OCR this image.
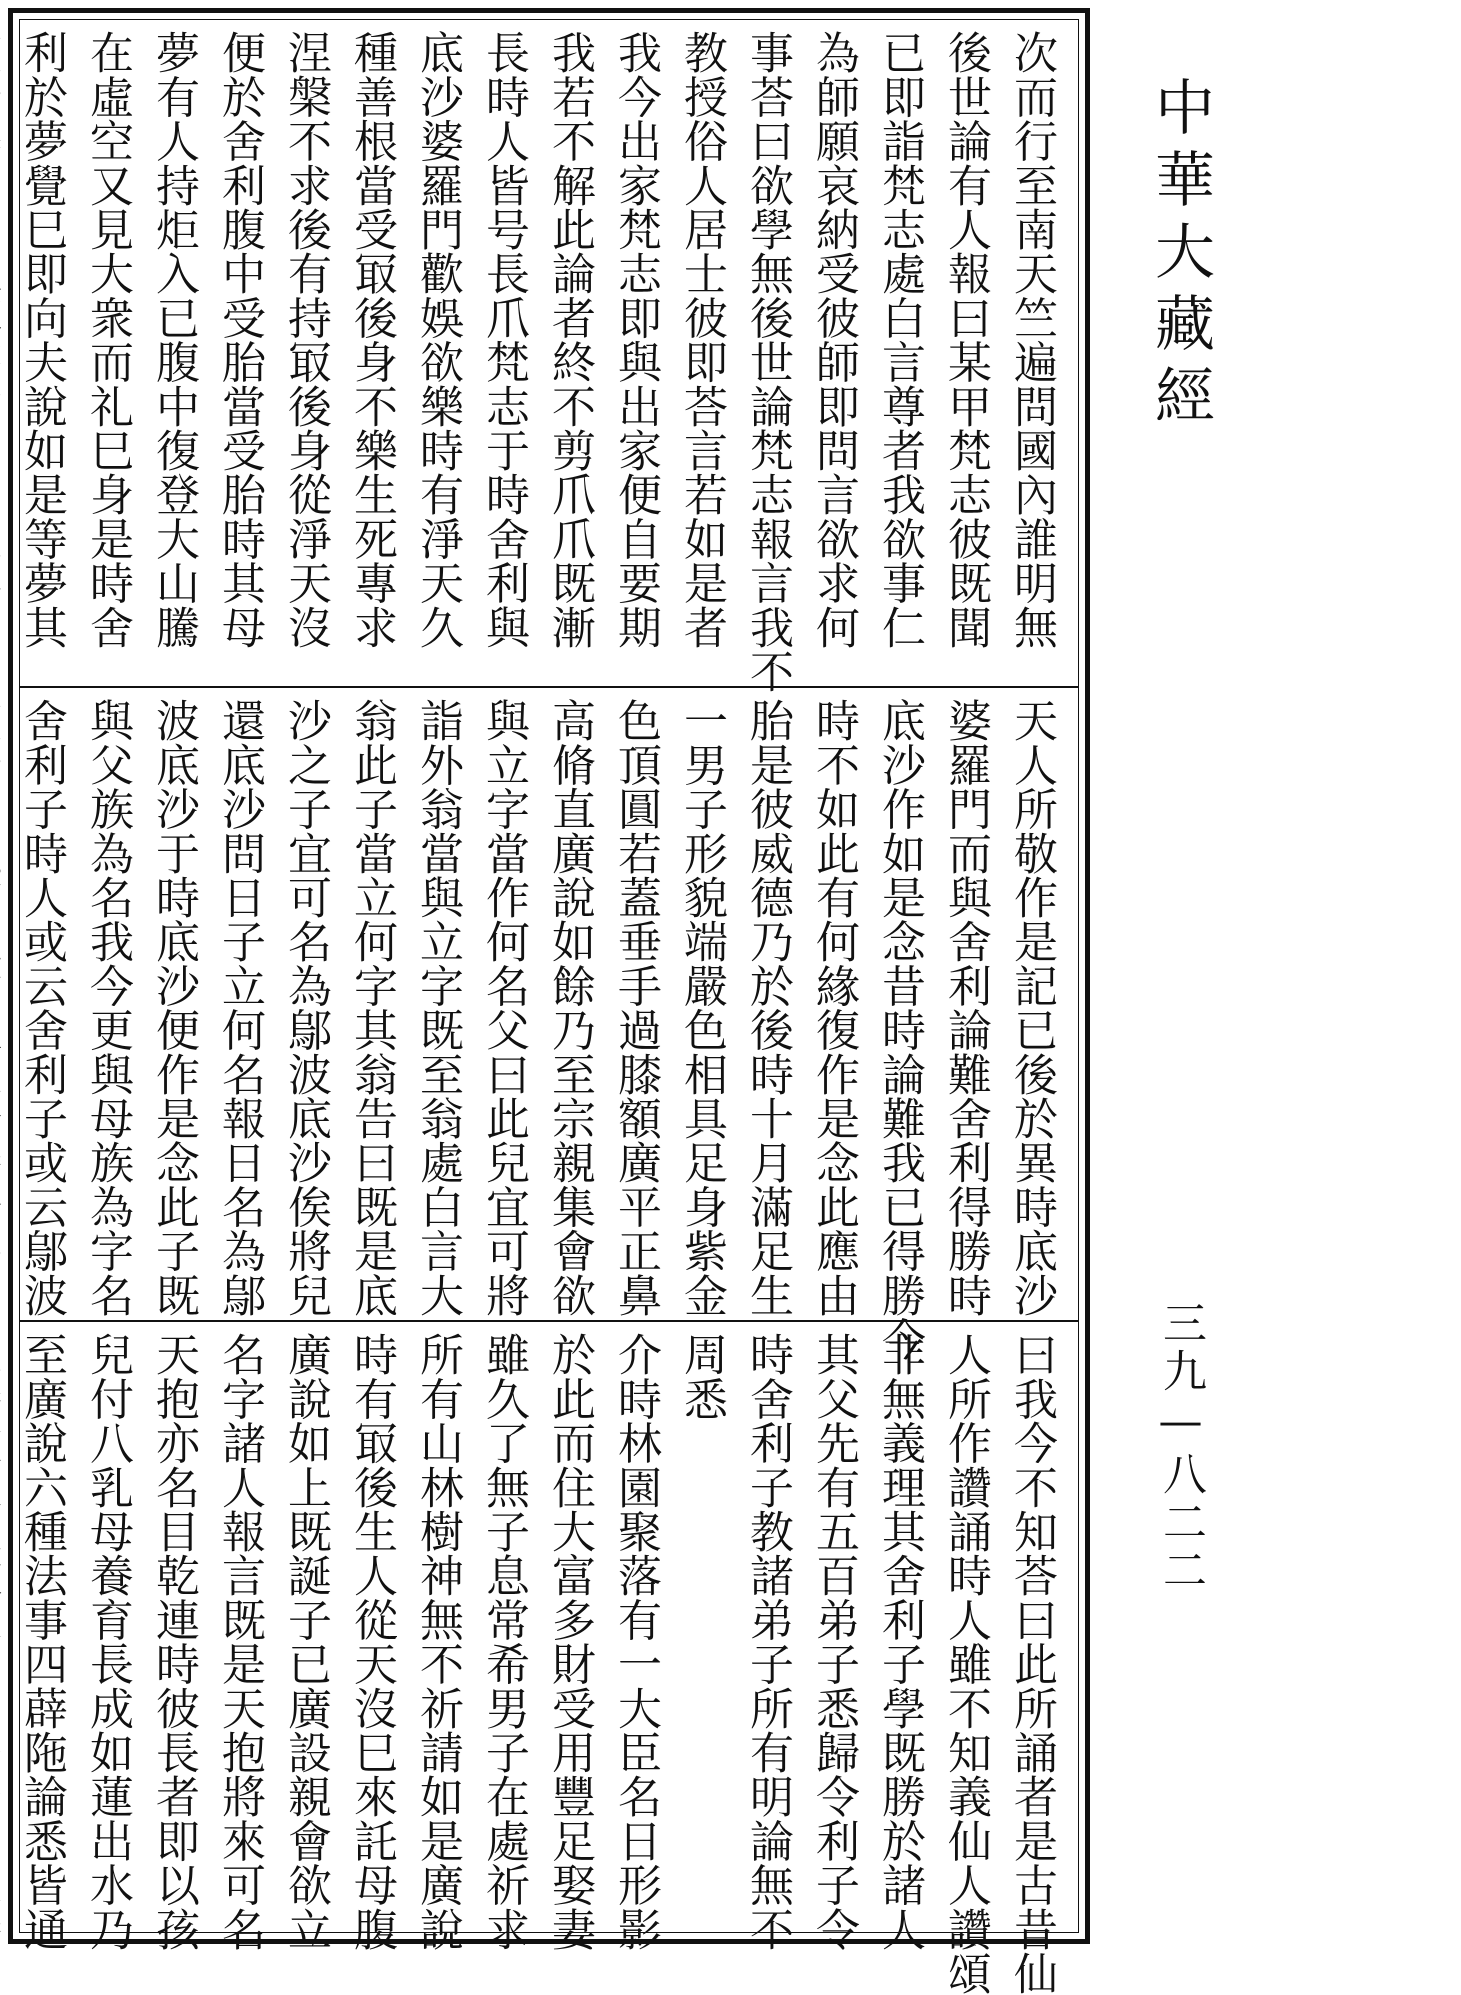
次而行至南天竺遍問國內誰明無
後世論有人報曰某甲梵志彼既聞
已即詣梵志處白言尊者我欲事仁
為師願哀納受彼師即問言欲求何
事荅曰欲學無後世論梵志報言我不
教授俗人居士彼即荅言若如是者
我今出家梵志即與出家便自要期
我若不解此論者終不剪爪爪既漸
長時人皆号長爪梵志于時舍利與
底沙婆羅門歡娛欲樂時有淨天久
種善根當受冣後身不樂生死專求
涅槃不求後有持冣後身從淨天沒
便於舍利腹中受胎當受胎時其母
夢有人持炬入已腹中復登大山騰
在虛空又見大衆而礼巳身是時舍
利於夢覺巳即向夫說如是等夢其
天人所敬作是記已後於異時底沙
婆羅門而與舍利論難舍利得勝時
底沙作如是念昔時論難我已得勝今
時不如此有何緣復作是念此應由
胎是彼威德乃於後時十月滿足生
一男子形貌端嚴色相具足身紫金
色頂圓若蓋垂手過膝額廣平正鼻
高脩直廣說如餘乃至宗親集會欲
與立字當作何名父曰此兒宜可將
詣外翁當與立字既至翁處白言大
翁此子當立何字其翁告曰既是底
沙之子宜可名為鄔波底沙俟將兒
還底沙問日子立何名報日名為鄔
波底沙于時底沙便作是念此子既
與父族為名我今更與母族為字名
舍利子時人或云舍利子或云鄔波
曰我今不知荅曰此所誦者是古昔仙
人所作讚誦時人雖不知義仙人讚頌
非無義理其舍利子學既勝於諸人
其父先有五百弟子悉歸令利子令
時舍利子教諸弟子所有明論無不
周悉
介時林園聚落有一大臣名日形影
於此而住大富多財受用豐足娶妻
雖久了無子息常希男子在處祈求
所有山林樹神無不祈請如是廣說
時有冣後生人從天沒巳來託母腹
廣說如上既誕子已廣設親會欲立
名字諸人報言既是天抱將來可名
天抱亦名目乾連時彼長者即以孩
兒付八乳母養育長成如蓮出水乃
至廣說六種法事四薜陁論悉皆通
中華大藏經
三九—八二二
